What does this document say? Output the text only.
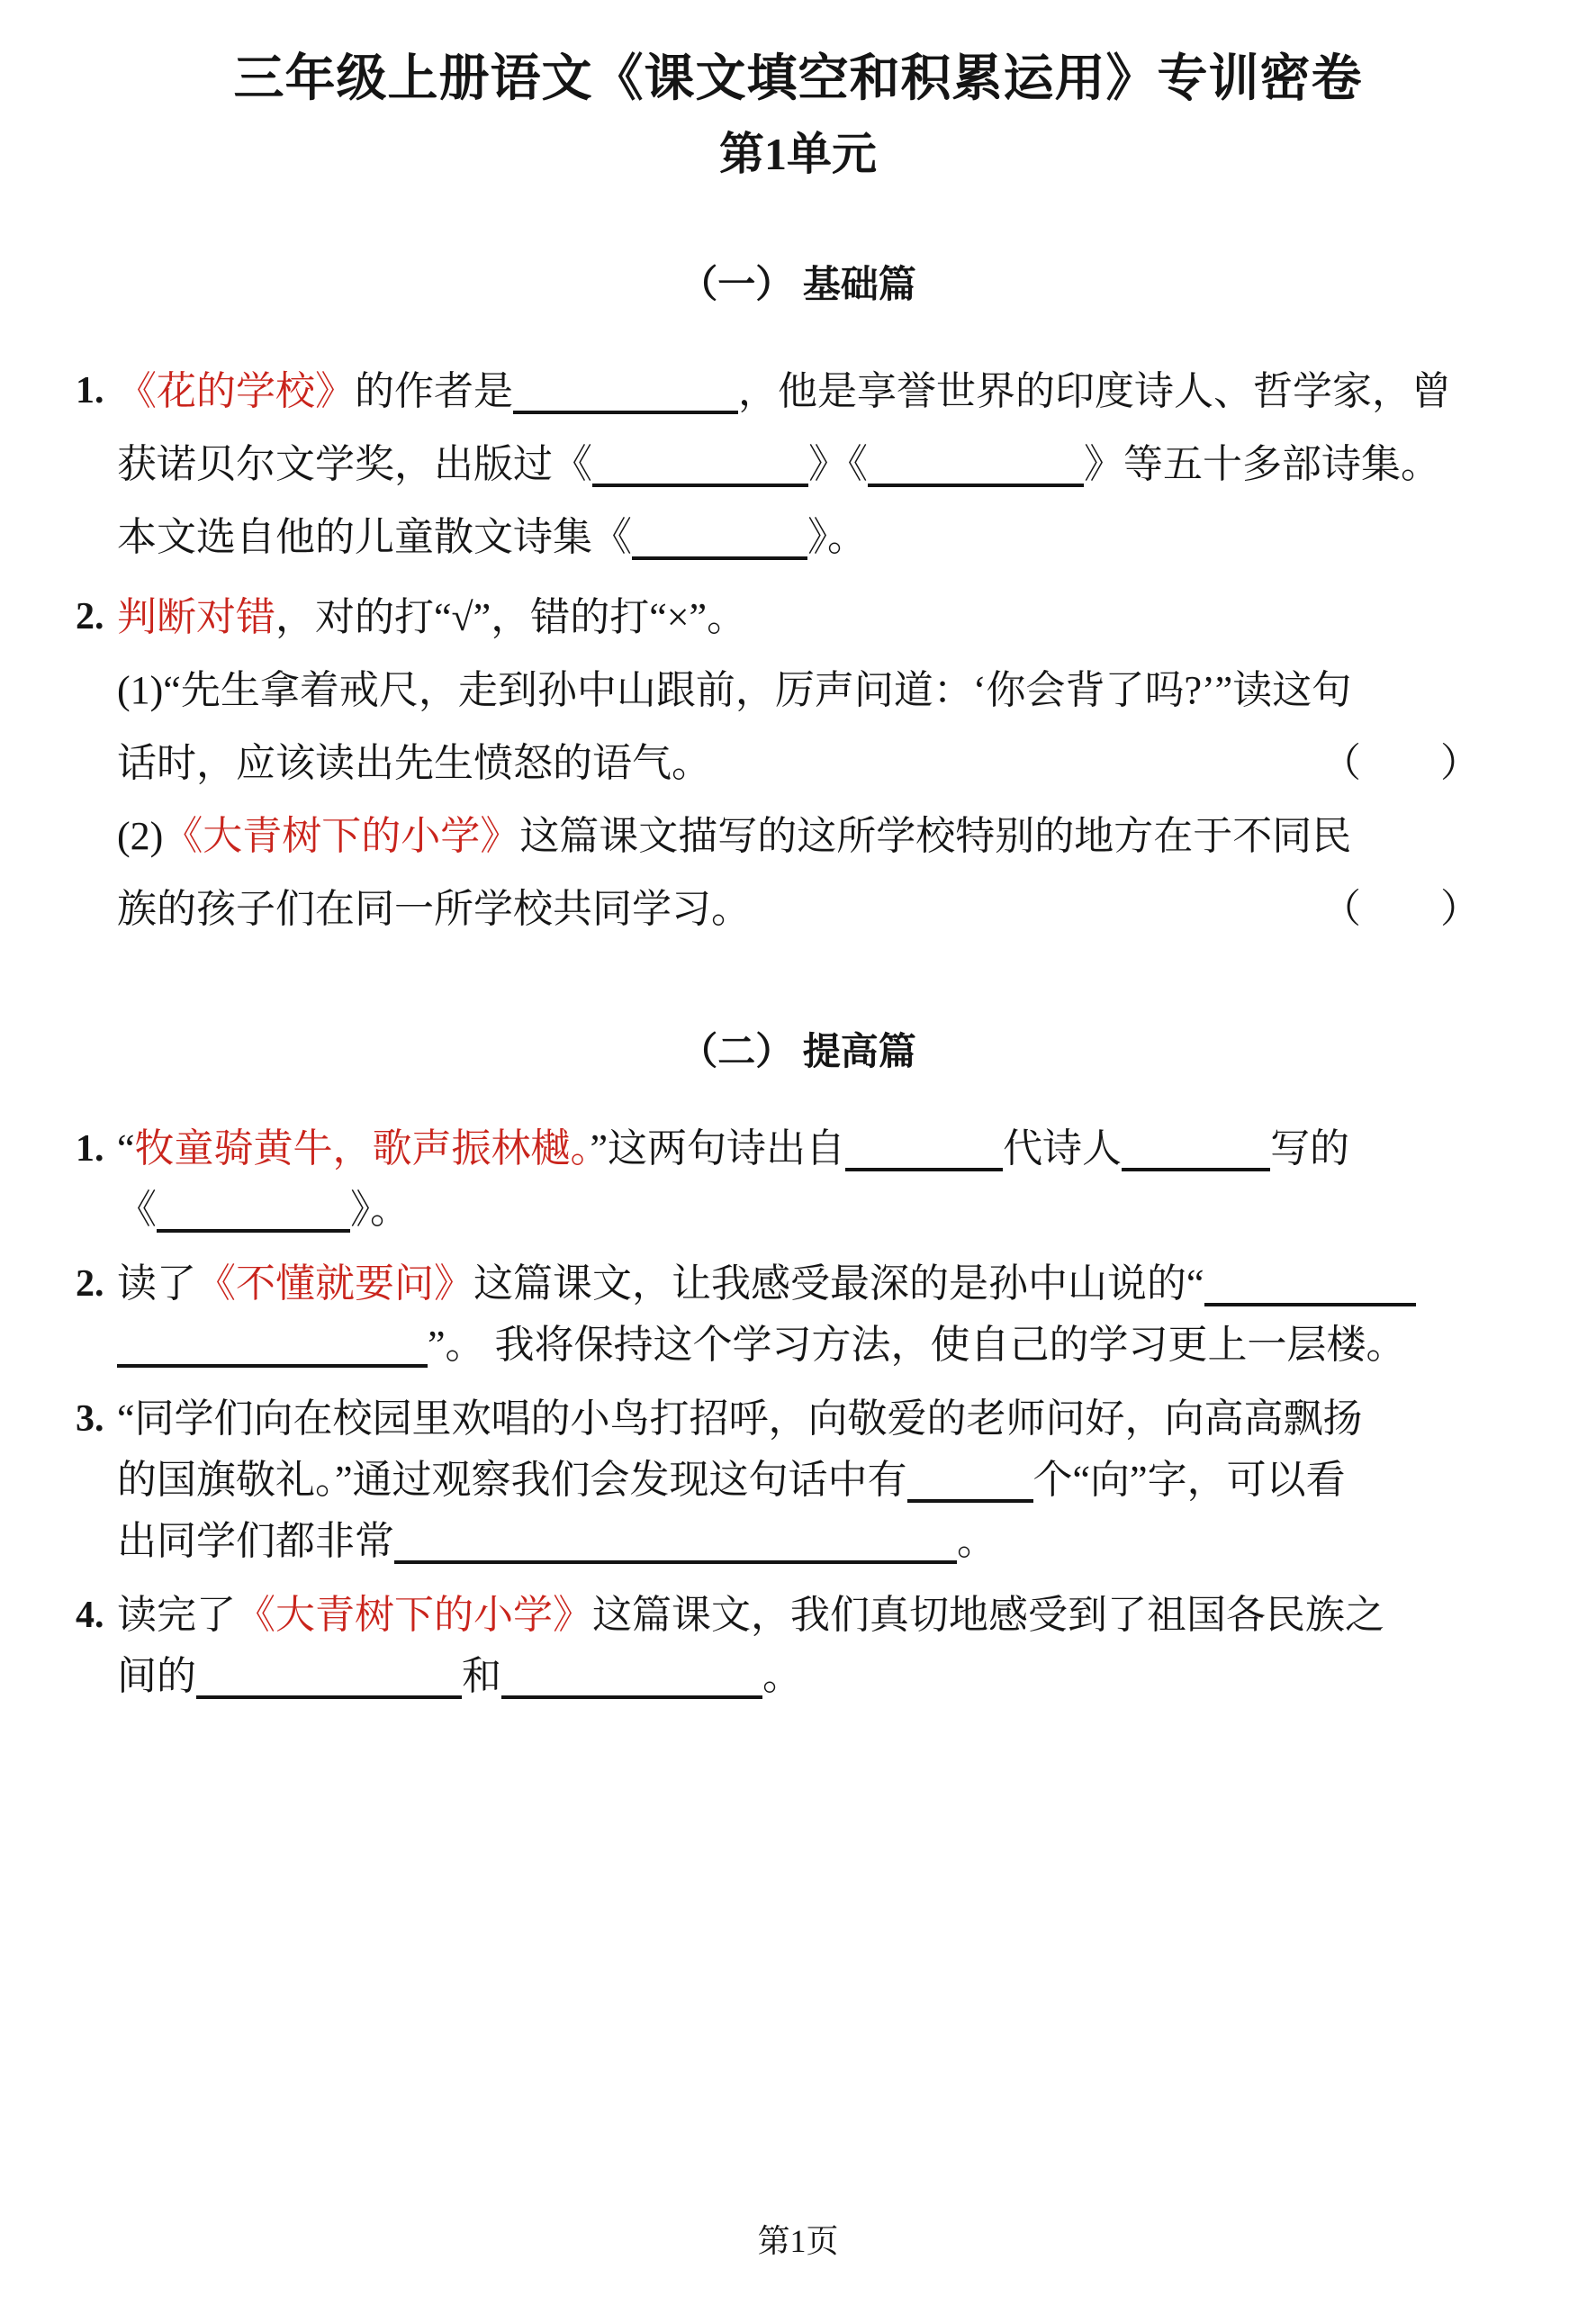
三年级上册语文《课文填空和积累运用》专训密卷
第1单元
（一） 基础篇
1. 《花的学校》的作者是	，他是享誉世界的印度诗人、哲学家，曾
获诺贝尔文学奖，出版过《	》《	》等五十多部诗集。
本文选自他的儿童散文诗集《	》。
2. 判断对错，对的打“√”，错的打“×”。
(1)“先生拿着戒尺，走到孙中山跟前，厉声问道：‘你会背了吗?’”读这句
话时，应该读出先生愤怒的语气。	（　　）
(2)《大青树下的小学》这篇课文描写的这所学校特别的地方在于不同民
族的孩子们在同一所学校共同学习。	（　　）
（二） 提高篇
1. “牧童骑黄牛，歌声振林樾。”这两句诗出自	代诗人	写的
《	》。
2. 读了《不懂就要问》这篇课文，让我感受最深的是孙中山说的“
”。 我将保持这个学习方法，使自己的学习更上一层楼。
3. “同学们向在校园里欢唱的小鸟打招呼，向敬爱的老师问好，向高高飘扬
的国旗敬礼。”通过观察我们会发现这句话中有	个“向”字，可以看
出同学们都非常	。
4. 读完了《大青树下的小学》这篇课文，我们真切地感受到了祖国各民族之
间的	和	。
第1页
